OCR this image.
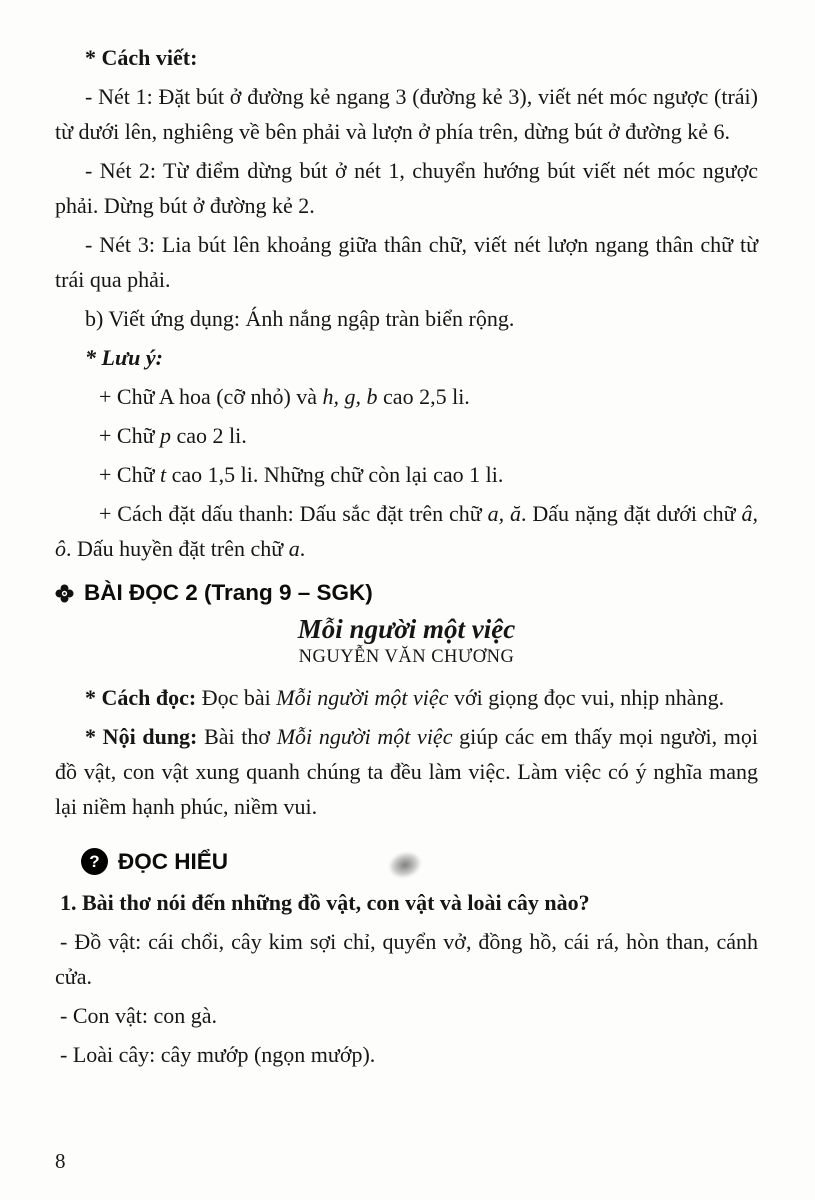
* Cách viết:

- Nét 1: Đặt bút ở đường kẻ ngang 3 (đường kẻ 3), viết nét móc ngược (trái) từ dưới lên, nghiêng về bên phải và lượn ở phía trên, dừng bút ở đường kẻ 6.

- Nét 2: Từ điểm dừng bút ở nét 1, chuyển hướng bút viết nét móc ngược phải. Dừng bút ở đường kẻ 2.

- Nét 3: Lia bút lên khoảng giữa thân chữ, viết nét lượn ngang thân chữ từ trái qua phải.

b) Viết ứng dụng: Ánh nắng ngập tràn biển rộng.

* Lưu ý:

+ Chữ A hoa (cỡ nhỏ) và h, g, b cao 2,5 li.

+ Chữ p cao 2 li.

+ Chữ t cao 1,5 li. Những chữ còn lại cao 1 li.

+ Cách đặt dấu thanh: Dấu sắc đặt trên chữ a, ă. Dấu nặng đặt dưới chữ â, ô. Dấu huyền đặt trên chữ a.

BÀI ĐỌC 2 (Trang 9 – SGK)
Mỗi người một việc
NGUYỄN VĂN CHƯƠNG

* Cách đọc: Đọc bài Mỗi người một việc với giọng đọc vui, nhịp nhàng.

* Nội dung: Bài thơ Mỗi người một việc giúp các em thấy mọi người, mọi đồ vật, con vật xung quanh chúng ta đều làm việc. Làm việc có ý nghĩa mang lại niềm hạnh phúc, niềm vui.

? ĐỌC HIỂU

1. Bài thơ nói đến những đồ vật, con vật và loài cây nào?

- Đồ vật: cái chổi, cây kim sợi chỉ, quyển vở, đồng hồ, cái rá, hòn than, cánh cửa.

- Con vật: con gà.

- Loài cây: cây mướp (ngọn mướp).

8
